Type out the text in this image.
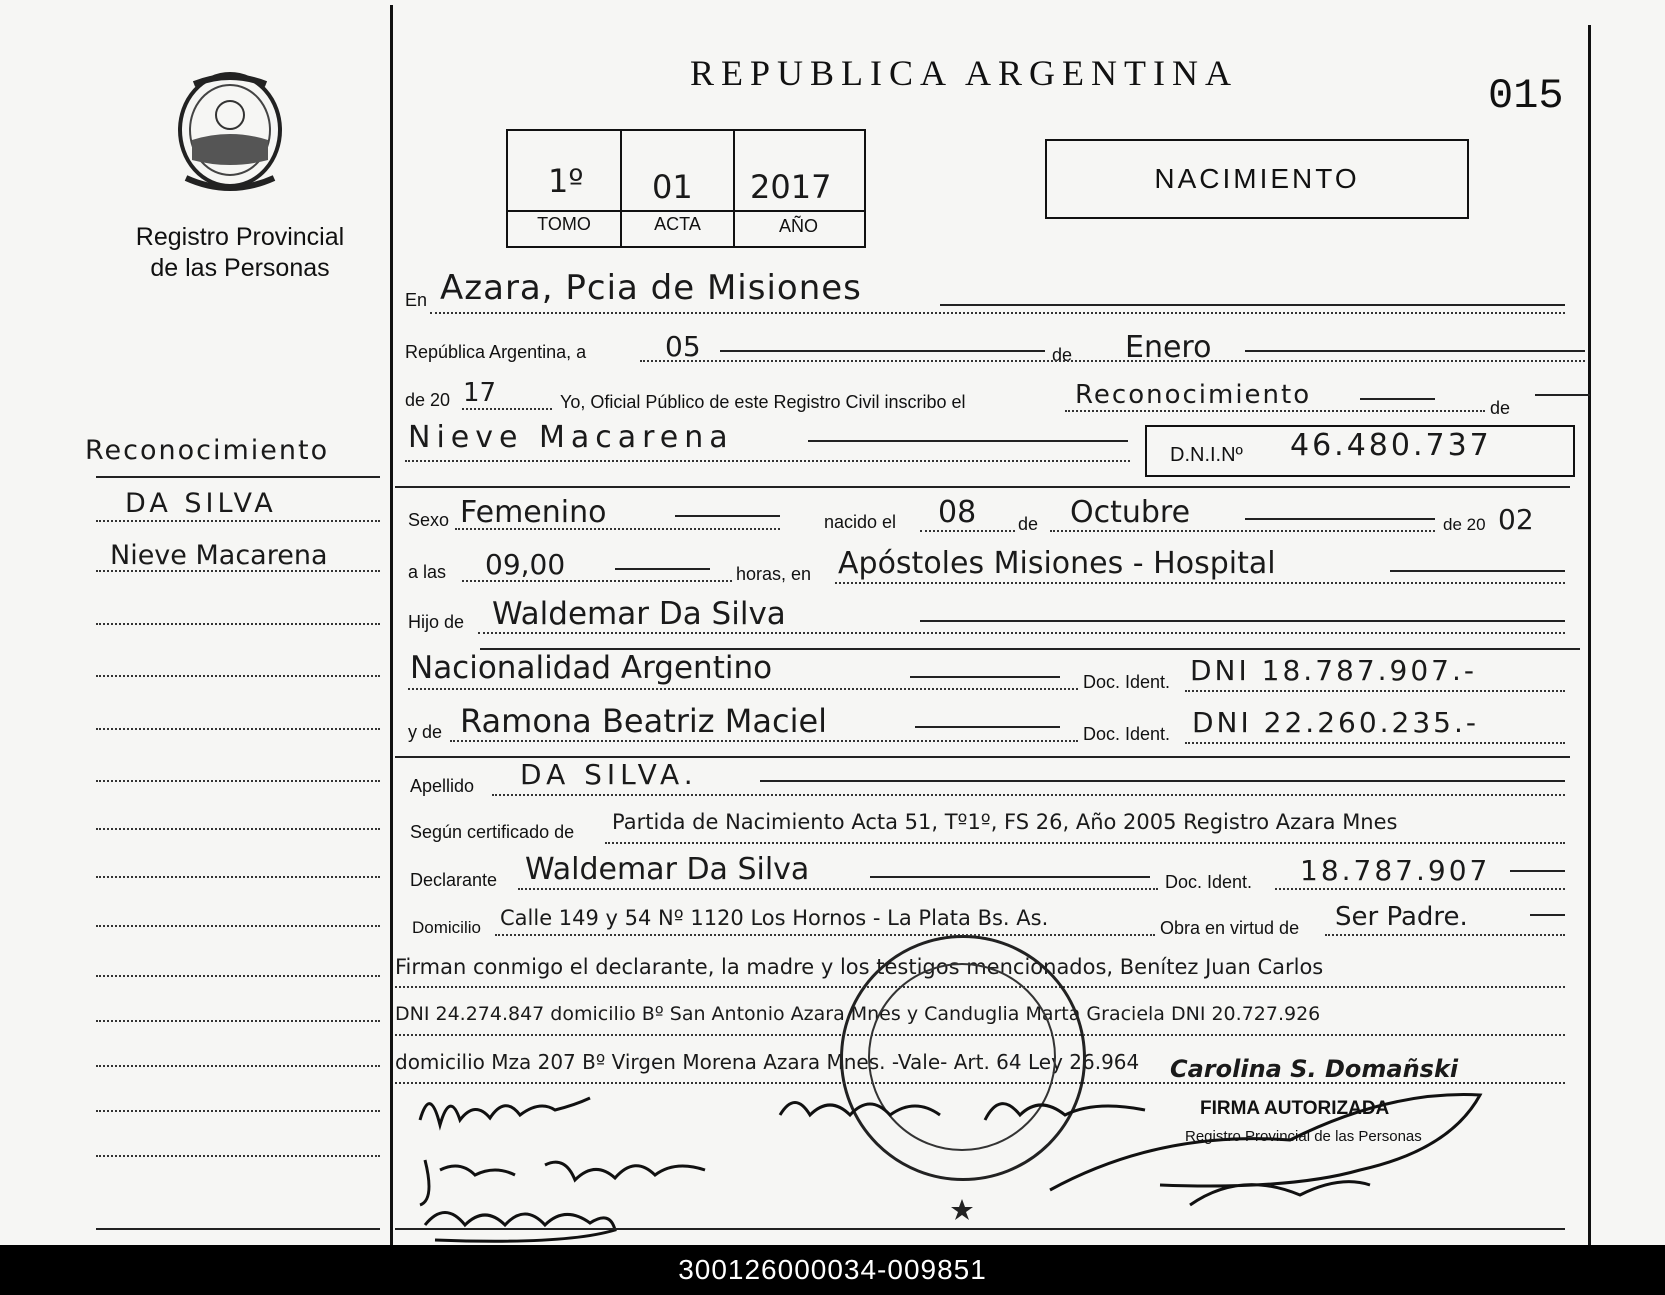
Registro Provincial
de las Personas
Reconocimiento
DA SILVA
Nieve Macarena
REPUBLICA ARGENTINA	015
1º 01 2017
TOMO	ACTA	AÑO
NACIMIENTO
En Azara, Pcia de Misiones
República Argentina, a	05	de Enero
de 20 17	Yo, Oficial Público de este Registro Civil inscribo el	Reconocimiento	de
Nieve Macarena	D.N.I.Nº 46.480.737
Sexo Femenino	nacido el 08 de Octubre	de 20 02
a las 09,00	horas, en Apóstoles Misiones - Hospital
Hijo de Waldemar Da Silva
Nacionalidad Argentino	Doc. Ident. DNI 18.787.907.-
y de Ramona Beatriz Maciel	Doc. Ident. DNI 22.260.235.-
Apellido DA SILVA.
Según certificado de Partida de Nacimiento Acta 51, Tº1º, FS 26, Año 2005 Registro Azara Mnes
Declarante Waldemar Da Silva	Doc. Ident. 18.787.907
Domicilio Calle 149 y 54 Nº 1120 Los Hornos - La Plata Bs. As.	Obra en virtud de Ser Padre.
Firman conmigo el declarante, la madre y los testigos mencionados, Benítez Juan Carlos
DNI 24.274.847 domicilio Bº San Antonio Azara Mnes y Canduglia Marta Graciela DNI 20.727.926
domicilio Mza 207 Bº Virgen Morena Azara Mnes. -Vale- Art. 64 Ley 26.964 Carolina S. Domañski
FIRMA AUTORIZADA
Registro Provincial de las Personas
300126000034-009851
